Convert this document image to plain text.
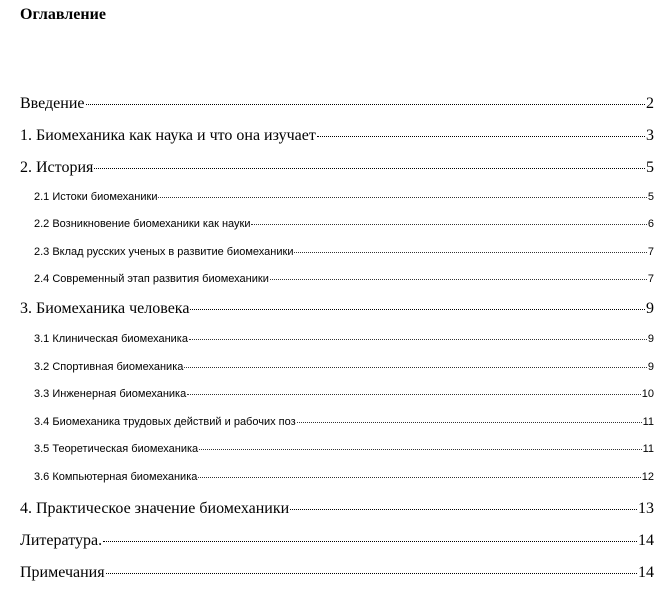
Оглавление
Введение	2
1. Биомеханика как наука и что она изучает	3
2. История	5
2.1 Истоки биомеханики	5
2.2 Возникновение биомеханики как науки	6
2.3 Вклад русских ученых в развитие биомеханики	7
2.4 Современный этап развития биомеханики	7
3. Биомеханика человека	9
3.1 Клиническая биомеханика	9
3.2 Спортивная биомеханика	9
3.3 Инженерная биомеханика	10
3.4 Биомеханика трудовых действий и рабочих поз	11
3.5 Теоретическая биомеханика	11
3.6 Компьютерная биомеханика	12
4. Практическое значение биомеханики	13
Литература.	14
Примечания	14
